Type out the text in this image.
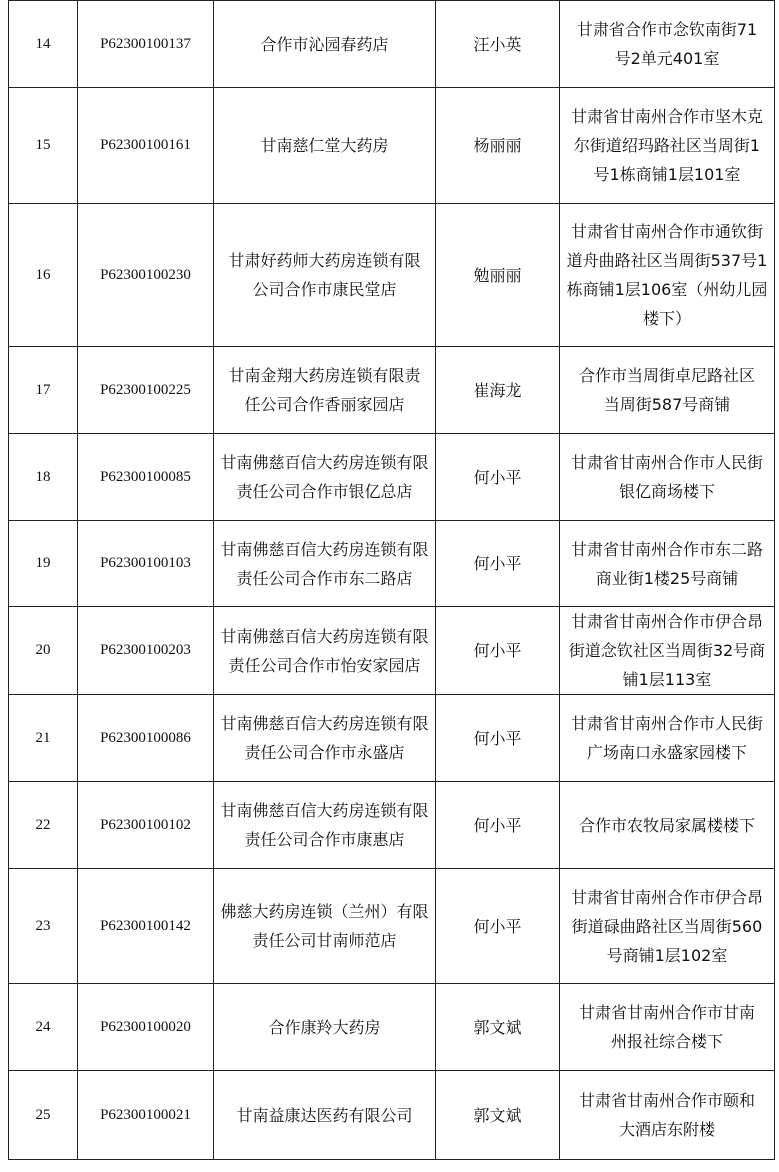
14	P62300100137	合作市沁园春药店	汪小英	甘肃省合作市念钦南街71号2单元401室
15	P62300100161	甘南慈仁堂大药房	杨丽丽	甘肃省甘南州合作市坚木克尔街道绍玛路社区当周街1号1栋商铺1层101室
16	P62300100230	甘肃好药师大药房连锁有限公司合作市康民堂店	勉丽丽	甘肃省甘南州合作市通钦街道舟曲路社区当周街537号1栋商铺1层106室（州幼儿园楼下）
17	P62300100225	甘南金翔大药房连锁有限责任公司合作香丽家园店	崔海龙	合作市当周街卓尼路社区当周街587号商铺
18	P62300100085	甘南佛慈百信大药房连锁有限责任公司合作市银亿总店	何小平	甘肃省甘南州合作市人民街银亿商场楼下
19	P62300100103	甘南佛慈百信大药房连锁有限责任公司合作市东二路店	何小平	甘肃省甘南州合作市东二路商业街1楼25号商铺
20	P62300100203	甘南佛慈百信大药房连锁有限责任公司合作市怡安家园店	何小平	甘肃省甘南州合作市伊合昂街道念钦社区当周街32号商铺1层113室
21	P62300100086	甘南佛慈百信大药房连锁有限责任公司合作市永盛店	何小平	甘肃省甘南州合作市人民街广场南口永盛家园楼下
22	P62300100102	甘南佛慈百信大药房连锁有限责任公司合作市康惠店	何小平	合作市农牧局家属楼楼下
23	P62300100142	佛慈大药房连锁（兰州）有限责任公司甘南师范店	何小平	甘肃省甘南州合作市伊合昂街道碌曲路社区当周街560号商铺1层102室
24	P62300100020	合作康羚大药房	郭文斌	甘肃省甘南州合作市甘南州报社综合楼下
25	P62300100021	甘南益康达医药有限公司	郭文斌	甘肃省甘南州合作市颐和大酒店东附楼
